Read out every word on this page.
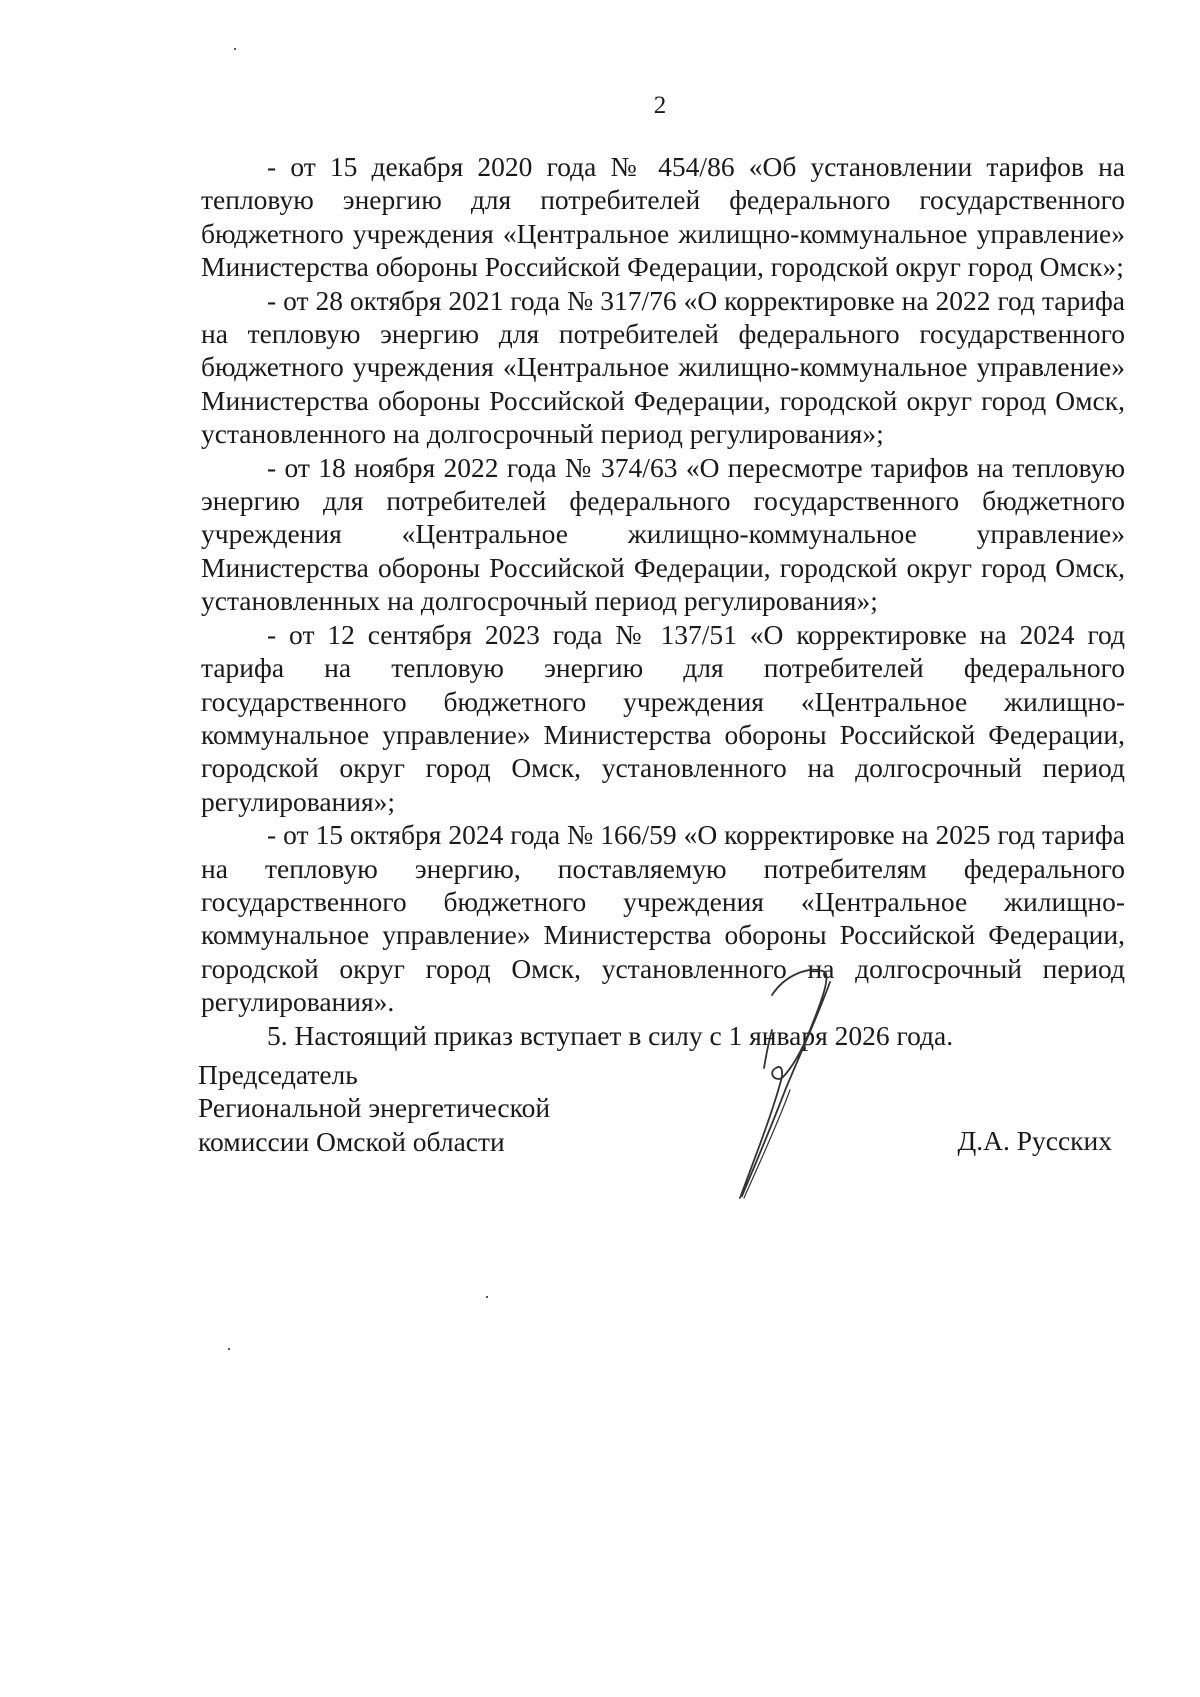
2

- от 15 декабря 2020 года № 454/86 «Об установлении тарифов на тепловую энергию для потребителей федерального государственного бюджетного учреждения «Центральное жилищно-коммунальное управление» Министерства обороны Российской Федерации, городской округ город Омск»;

- от 28 октября 2021 года № 317/76 «О корректировке на 2022 год тарифа на тепловую энергию для потребителей федерального государственного бюджетного учреждения «Центральное жилищно-коммунальное управление» Министерства обороны Российской Федерации, городской округ город Омск, установленного на долгосрочный период регулирования»;

- от 18 ноября 2022 года № 374/63 «О пересмотре тарифов на тепловую энергию для потребителей федерального государственного бюджетного учреждения «Центральное жилищно-коммунальное управление» Министерства обороны Российской Федерации, городской округ город Омск, установленных на долгосрочный период регулирования»;

- от 12 сентября 2023 года № 137/51 «О корректировке на 2024 год тарифа на тепловую энергию для потребителей федерального государственного бюджетного учреждения «Центральное жилищно-коммунальное управление» Министерства обороны Российской Федерации, городской округ город Омск, установленного на долгосрочный период регулирования»;

- от 15 октября 2024 года № 166/59 «О корректировке на 2025 год тарифа на тепловую энергию, поставляемую потребителям федерального государственного бюджетного учреждения «Центральное жилищно-коммунальное управление» Министерства обороны Российской Федерации, городской округ город Омск, установленного на долгосрочный период регулирования».

5. Настоящий приказ вступает в силу с 1 января 2026 года.

Председатель
Региональной энергетической
комиссии Омской области	Д.А. Русских
